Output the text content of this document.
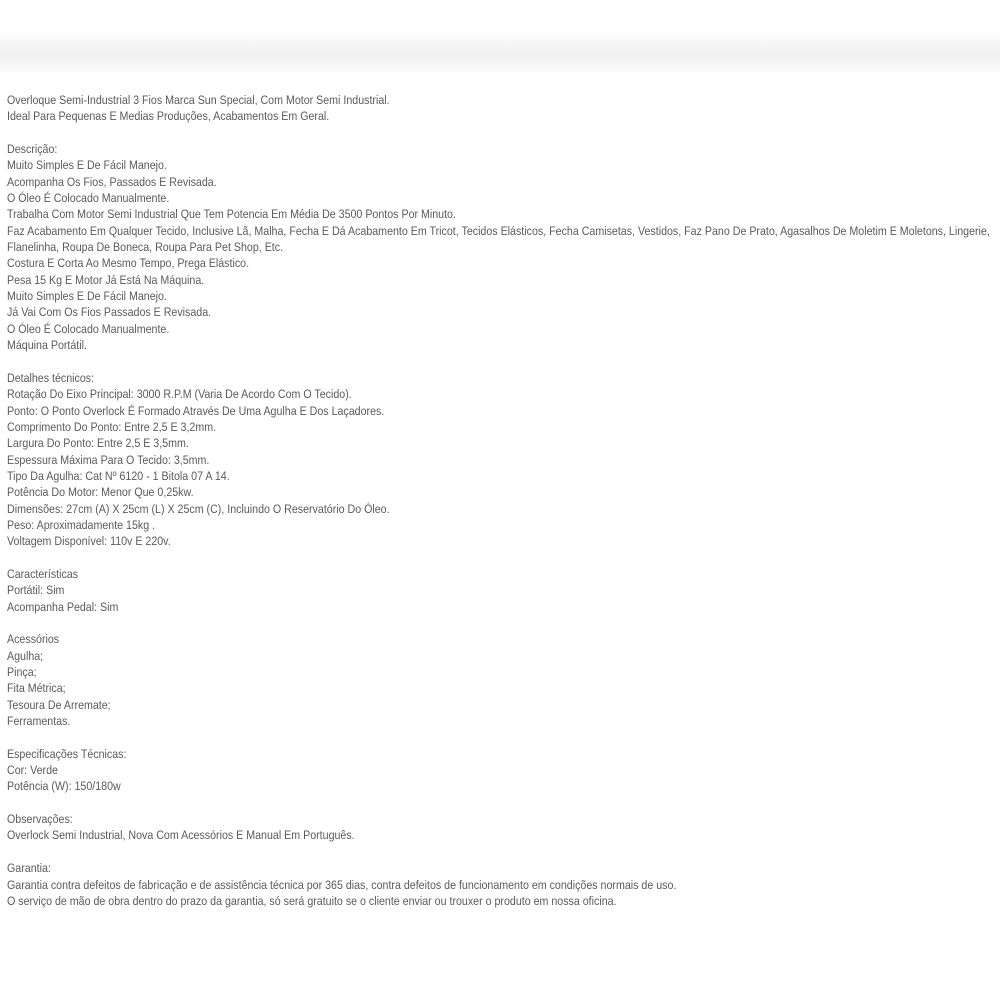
Overloque Semi-Industrial 3 Fios Marca Sun Special, Com Motor Semi Industrial.
Ideal Para Pequenas E Medias Produções, Acabamentos Em Geral.
Descrição:
Muito Simples E De Fácil Manejo.
Acompanha Os Fios, Passados E Revisada.
O Óleo É Colocado Manualmente.
Trabalha Com Motor Semi Industrial Que Tem Potencia Em Média De 3500 Pontos Por Minuto.
Faz Acabamento Em Qualquer Tecido, Inclusive Lã, Malha, Fecha E Dá Acabamento Em Tricot, Tecidos Elásticos, Fecha Camisetas, Vestidos, Faz Pano De Prato, Agasalhos De Moletim E Moletons, Lingerie, Flanelinha, Roupa De Boneca, Roupa Para Pet Shop, Etc.
Costura E Corta Ao Mesmo Tempo, Prega Elástico.
Pesa 15 Kg E Motor Já Está Na Máquina.
Muito Simples E De Fácil Manejo.
Já Vai Com Os Fios Passados E Revisada.
O Óleo É Colocado Manualmente.
Máquina Portátil.
Detalhes técnicos:
Rotação Do Eixo Principal: 3000 R.P.M (Varia De Acordo Com O Tecido).
Ponto: O Ponto Overlock É Formado Através De Uma Agulha E Dos Laçadores.
Comprimento Do Ponto: Entre 2,5 E 3,2mm.
Largura Do Ponto: Entre 2,5 E 3,5mm.
Espessura Máxima Para O Tecido: 3,5mm.
Tipo Da Agulha: Cat Nº 6120 - 1 Bitola 07 A 14.
Potência Do Motor: Menor Que 0,25kw.
Dimensões: 27cm (A) X 25cm (L) X 25cm (C), Incluindo O Reservatório Do Óleo.
Peso: Aproximadamente 15kg .
Voltagem Disponível: 110v E 220v.
Características
Portátil: Sim
Acompanha Pedal: Sim
Acessórios
Agulha;
Pinça;
Fita Métrica;
Tesoura De Arremate;
Ferramentas.
Especificações Técnicas:
Cor: Verde
Potência (W): 150/180w
Observações:
Overlock Semi Industrial, Nova Com Acessórios E Manual Em Português.
Garantia:
Garantia contra defeitos de fabricação e de assistência técnica por 365 dias, contra defeitos de funcionamento em condições normais de uso.
O serviço de mão de obra dentro do prazo da garantia, só será gratuito se o cliente enviar ou trouxer o produto em nossa oficina.
